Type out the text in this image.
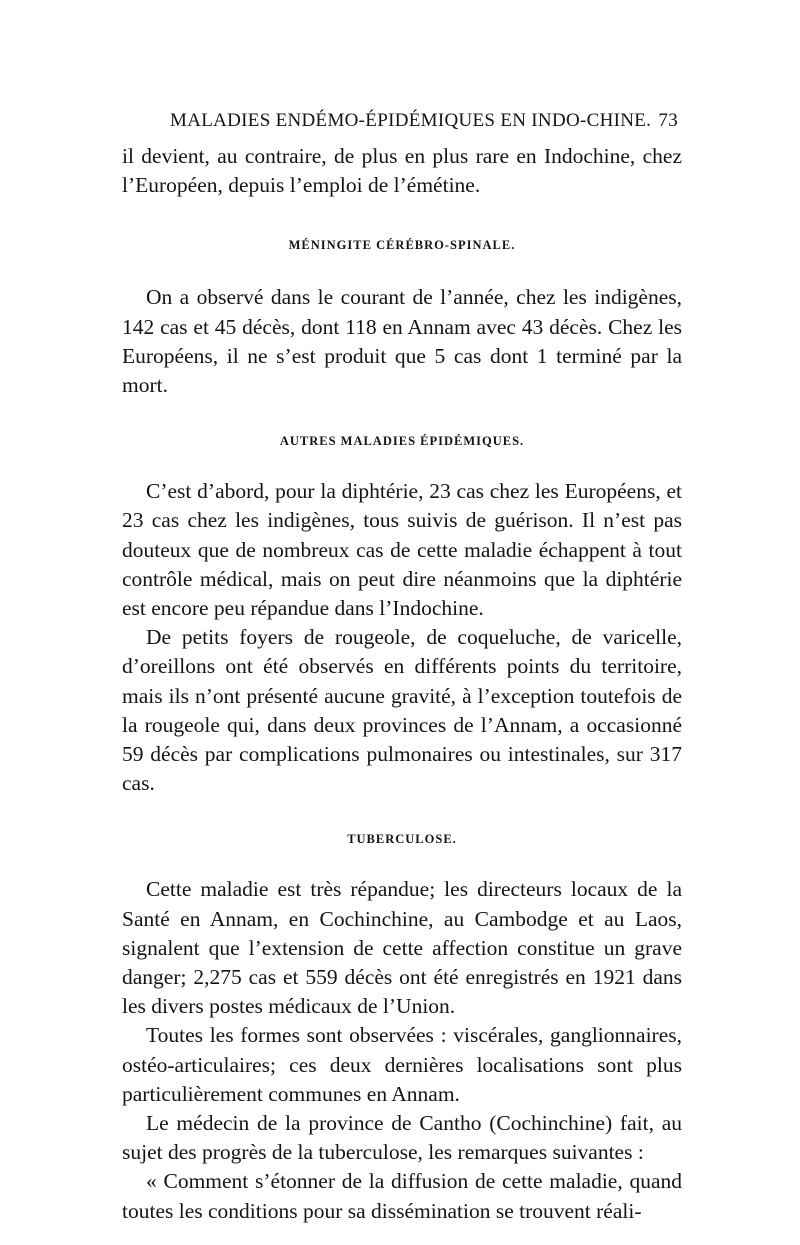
MALADIES ENDÉMO-ÉPIDÉMIQUES EN INDO-CHINE. 73

il devient, au contraire, de plus en plus rare en Indochine, chez l’Européen, depuis l’emploi de l’émétine.

MÉNINGITE CÉRÉBRO-SPINALE.

On a observé dans le courant de l’année, chez les indigènes, 142 cas et 45 décès, dont 118 en Annam avec 43 décès. Chez les Européens, il ne s’est produit que 5 cas dont 1 terminé par la mort.

AUTRES MALADIES ÉPIDÉMIQUES.

C’est d’abord, pour la diphtérie, 23 cas chez les Européens, et 23 cas chez les indigènes, tous suivis de guérison. Il n’est pas douteux que de nombreux cas de cette maladie échappent à tout contrôle médical, mais on peut dire néanmoins que la diphtérie est encore peu répandue dans l’Indochine.

De petits foyers de rougeole, de coqueluche, de varicelle, d’oreillons ont été observés en différents points du territoire, mais ils n’ont présenté aucune gravité, à l’exception toutefois de la rougeole qui, dans deux provinces de l’Annam, a occasionné 59 décès par complications pulmonaires ou intestinales, sur 317 cas.

TUBERCULOSE.

Cette maladie est très répandue; les directeurs locaux de la Santé en Annam, en Cochinchine, au Cambodge et au Laos, signalent que l’extension de cette affection constitue un grave danger; 2,275 cas et 559 décès ont été enregistrés en 1921 dans les divers postes médicaux de l’Union.

Toutes les formes sont observées : viscérales, ganglionnaires, ostéo-articulaires; ces deux dernières localisations sont plus particulièrement communes en Annam.

Le médecin de la province de Cantho (Cochinchine) fait, au sujet des progrès de la tuberculose, les remarques suivantes :

« Comment s’étonner de la diffusion de cette maladie, quand toutes les conditions pour sa dissémination se trouvent réali-
